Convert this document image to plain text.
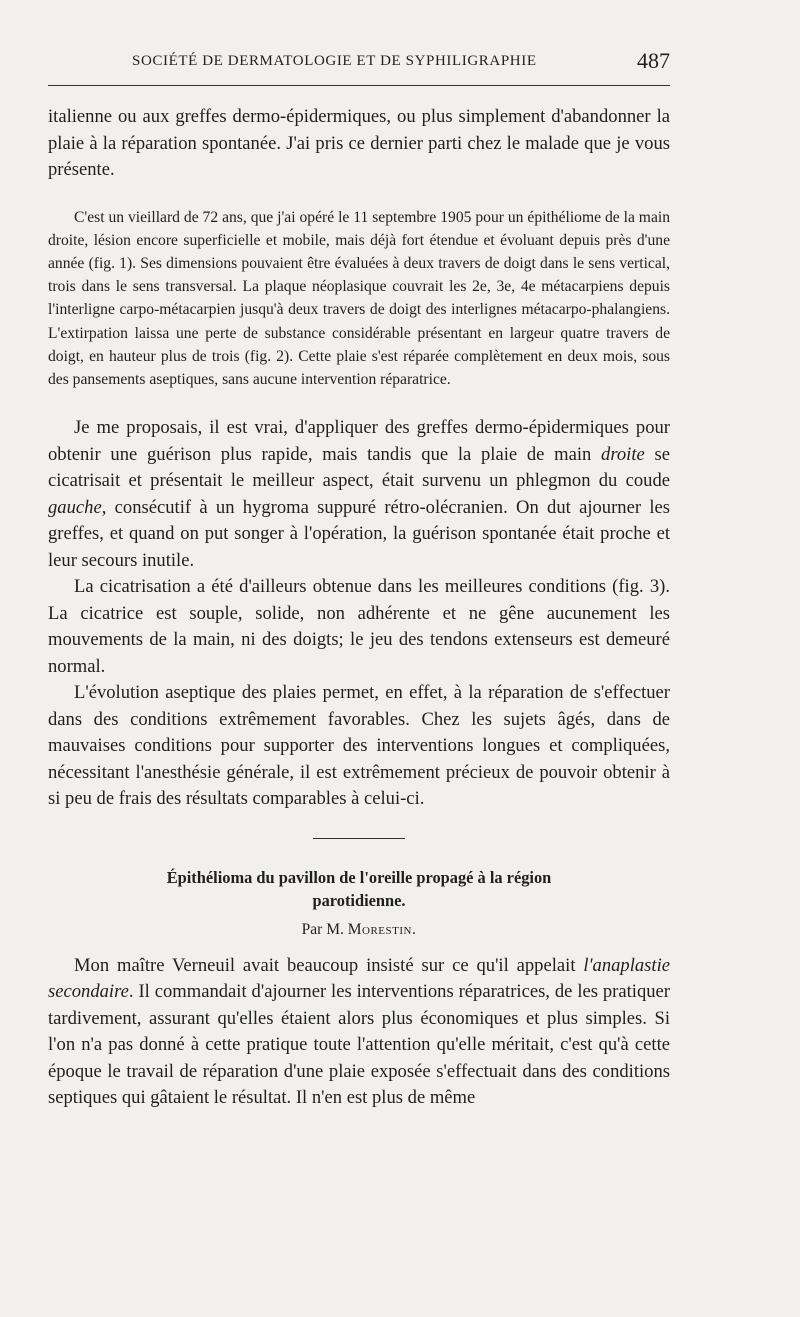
SOCIÉTÉ DE DERMATOLOGIE ET DE SYPHILIGRAPHIE	487

italienne ou aux greffes dermo-épidermiques, ou plus simplement d'abandonner la plaie à la réparation spontanée. J'ai pris ce dernier parti chez le malade que je vous présente.

C'est un vieillard de 72 ans, que j'ai opéré le 11 septembre 1905 pour un épithéliome de la main droite, lésion encore superficielle et mobile, mais déjà fort étendue et évoluant depuis près d'une année (fig. 1). Ses dimensions pouvaient être évaluées à deux travers de doigt dans le sens vertical, trois dans le sens transversal. La plaque néoplasique couvrait les 2e, 3e, 4e métacarpiens depuis l'interligne carpo-métacarpien jusqu'à deux travers de doigt des interlignes métacarpo-phalangiens. L'extirpation laissa une perte de substance considérable présentant en largeur quatre travers de doigt, en hauteur plus de trois (fig. 2). Cette plaie s'est réparée complètement en deux mois, sous des pansements aseptiques, sans aucune intervention réparatrice.

Je me proposais, il est vrai, d'appliquer des greffes dermo-épidermiques pour obtenir une guérison plus rapide, mais tandis que la plaie de main droite se cicatrisait et présentait le meilleur aspect, était survenu un phlegmon du coude gauche, consécutif à un hygroma suppuré rétro-olécranien. On dut ajourner les greffes, et quand on put songer à l'opération, la guérison spontanée était proche et leur secours inutile.

La cicatrisation a été d'ailleurs obtenue dans les meilleures conditions (fig. 3). La cicatrice est souple, solide, non adhérente et ne gêne aucunement les mouvements de la main, ni des doigts; le jeu des tendons extenseurs est demeuré normal.

L'évolution aseptique des plaies permet, en effet, à la réparation de s'effectuer dans des conditions extrêmement favorables. Chez les sujets âgés, dans de mauvaises conditions pour supporter des interventions longues et compliquées, nécessitant l'anesthésie générale, il est extrêmement précieux de pouvoir obtenir à si peu de frais des résultats comparables à celui-ci.

Épithélioma du pavillon de l'oreille propagé à la région
parotidienne.

Par M. Morestin.

Mon maître Verneuil avait beaucoup insisté sur ce qu'il appelait l'anaplastie secondaire. Il commandait d'ajourner les interventions réparatrices, de les pratiquer tardivement, assurant qu'elles étaient alors plus économiques et plus simples. Si l'on n'a pas donné à cette pratique toute l'attention qu'elle méritait, c'est qu'à cette époque le travail de réparation d'une plaie exposée s'effectuait dans des conditions septiques qui gâtaient le résultat. Il n'en est plus de même
